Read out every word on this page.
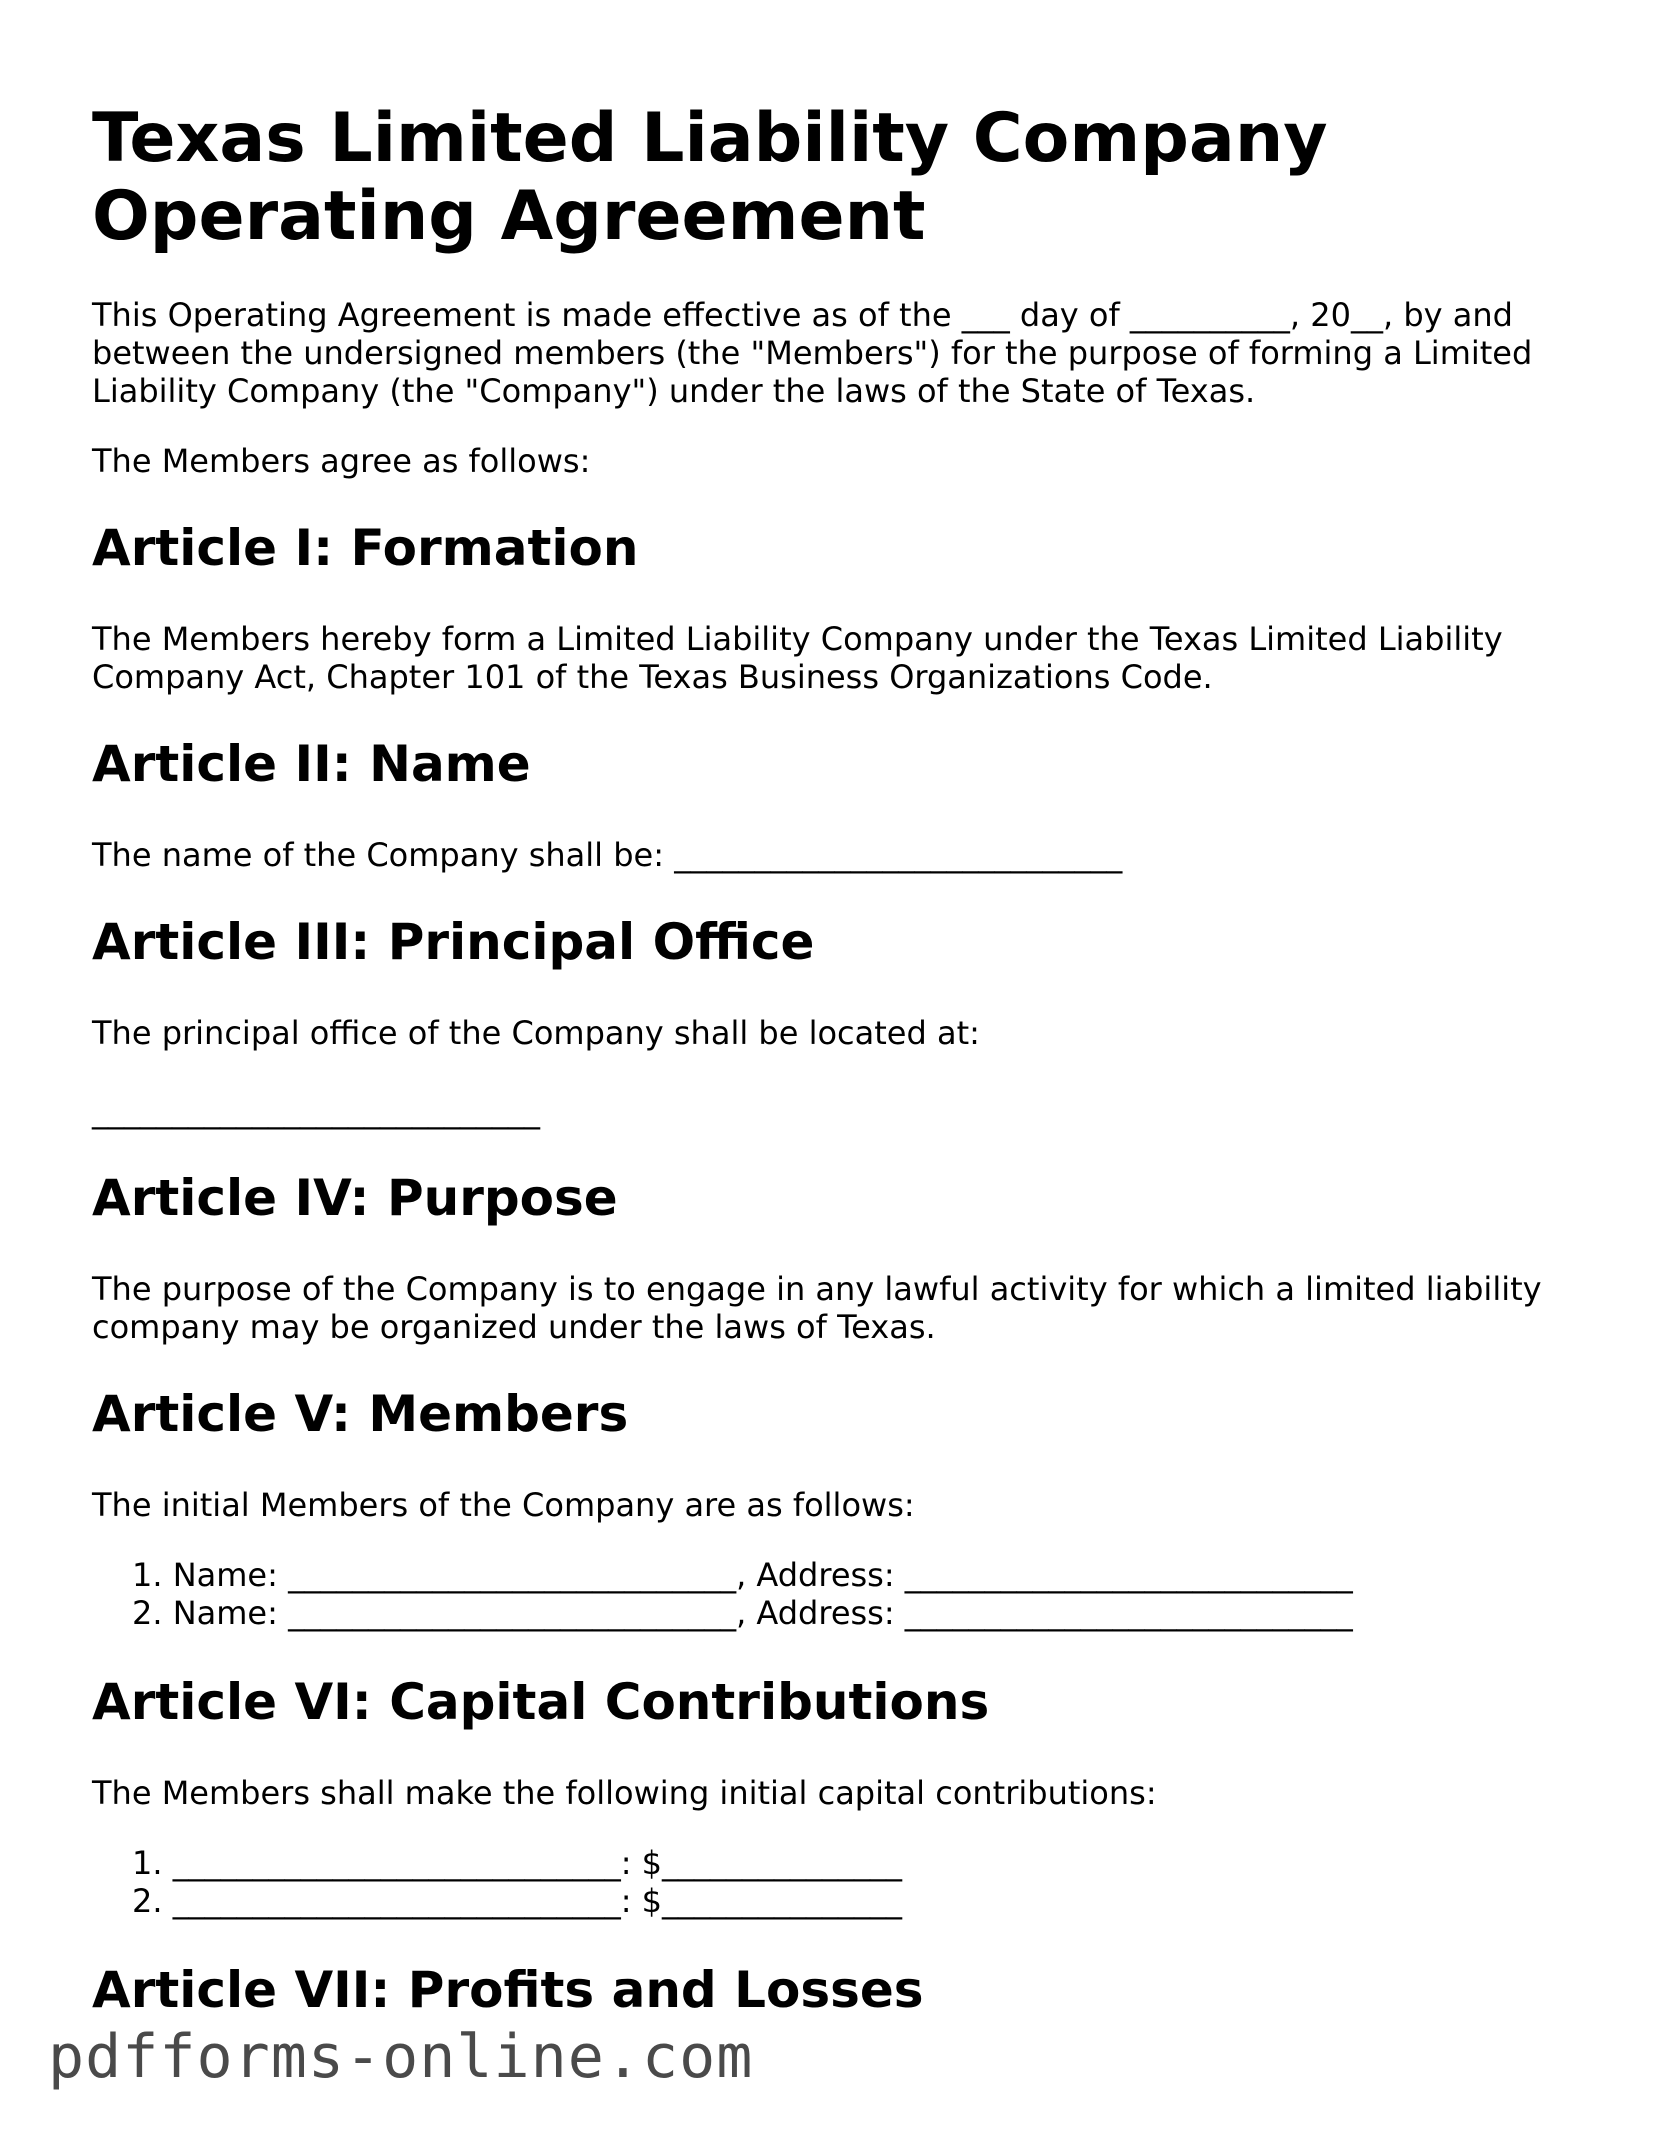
Texas Limited Liability Company Operating Agreement

This Operating Agreement is made effective as of the ___ day of __________, 20__, by and between the undersigned members (the "Members") for the purpose of forming a Limited Liability Company (the "Company") under the laws of the State of Texas.

The Members agree as follows:

Article I: Formation

The Members hereby form a Limited Liability Company under the Texas Limited Liability Company Act, Chapter 101 of the Texas Business Organizations Code.

Article II: Name

The name of the Company shall be: ____________________________

Article III: Principal Office

The principal office of the Company shall be located at:

____________________________

Article IV: Purpose

The purpose of the Company is to engage in any lawful activity for which a limited liability company may be organized under the laws of Texas.

Article V: Members

The initial Members of the Company are as follows:

1. Name: ____________________________, Address: ____________________________
2. Name: ____________________________, Address: ____________________________
Article VI: Capital Contributions

The Members shall make the following initial capital contributions:

1. ____________________________: $_______________
2. ____________________________: $_______________
Article VII: Profits and Losses
pdfforms-online.com
